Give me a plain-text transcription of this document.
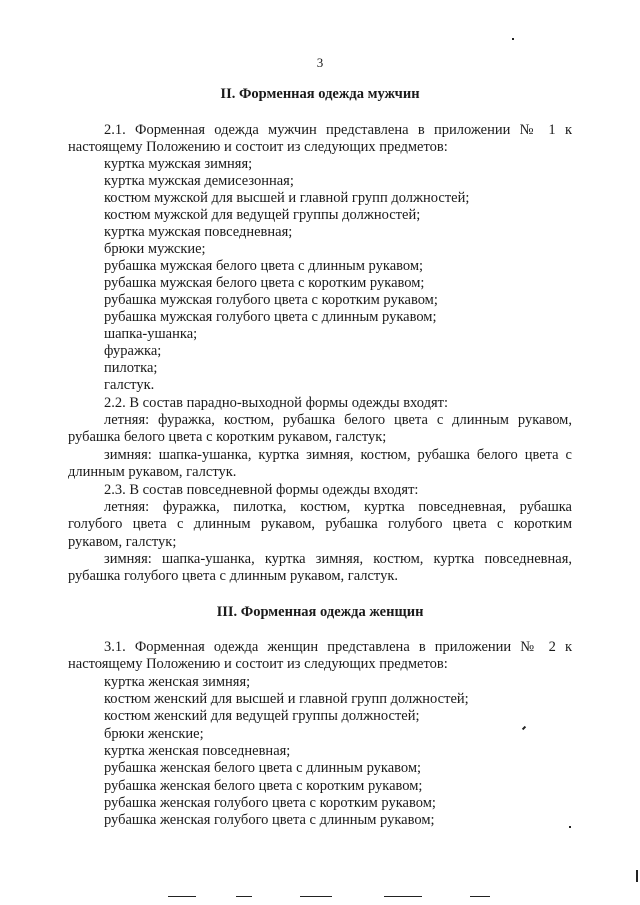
3
II. Форменная одежда мужчин
2.1. Форменная одежда мужчин представлена в приложении № 1 к
настоящему Положению и состоит из следующих предметов:
куртка мужская зимняя;
куртка мужская демисезонная;
костюм мужской для высшей и главной групп должностей;
костюм мужской для ведущей группы должностей;
куртка мужская повседневная;
брюки мужские;
рубашка мужская белого цвета с длинным рукавом;
рубашка мужская белого цвета с коротким рукавом;
рубашка мужская голубого цвета с коротким рукавом;
рубашка мужская голубого цвета с длинным рукавом;
шапка-ушанка;
фуражка;
пилотка;
галстук.
2.2. В состав парадно-выходной формы одежды входят:
летняя: фуражка, костюм, рубашка белого цвета с длинным рукавом,
рубашка белого цвета с коротким рукавом, галстук;
зимняя: шапка-ушанка, куртка зимняя, костюм, рубашка белого цвета с
длинным рукавом, галстук.
2.3. В состав повседневной формы одежды входят:
летняя: фуражка, пилотка, костюм, куртка повседневная, рубашка
голубого цвета с длинным рукавом, рубашка голубого цвета с коротким
рукавом, галстук;
зимняя: шапка-ушанка, куртка зимняя, костюм, куртка повседневная,
рубашка голубого цвета с длинным рукавом, галстук.
III. Форменная одежда женщин
3.1. Форменная одежда женщин представлена в приложении № 2 к
настоящему Положению и состоит из следующих предметов:
куртка женская зимняя;
костюм женский для высшей и главной групп должностей;
костюм женский для ведущей группы должностей;
брюки женские;
куртка женская повседневная;
рубашка женская белого цвета с длинным рукавом;
рубашка женская белого цвета с коротким рукавом;
рубашка женская голубого цвета с коротким рукавом;
рубашка женская голубого цвета с длинным рукавом;
